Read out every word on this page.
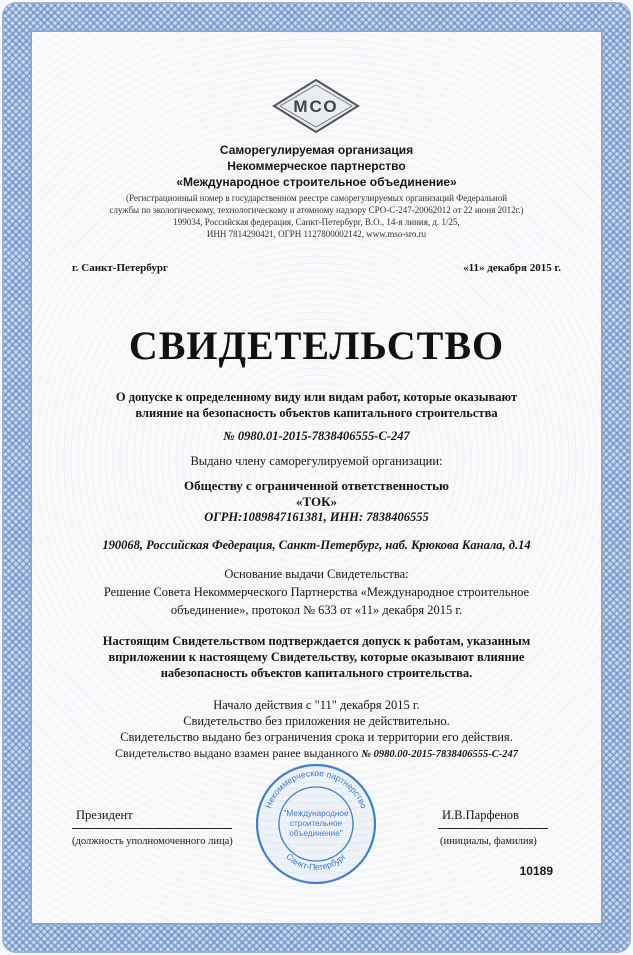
МСО
Саморегулируемая организация
Некоммерческое партнерство
«Международное строительное объединение»
(Регистрационный номер в государственном реестре саморегулируемых организаций Федеральной
службы по экологическому, технологическому и атомному надзору СРО-С-247-20062012 от 22 июня 2012г.)
199034, Российская федерация, Санкт-Петербург, В.О., 14-я линия, д. 1/25,
ИНН 7814290421, ОГРН 1127800002142, www.mso-sro.ru
г. Санкт-Петербург	«11» декабря 2015 г.
СВИДЕТЕЛЬСТВО
О допуске к определенному виду или видам работ, которые оказывают
влияние на безопасность объектов капитального строительства
№ 0980.01-2015-7838406555-С-247
Выдано члену саморегулируемой организации:
Обществу с ограниченной ответственностью
«ТОК»
ОГРН:1089847161381, ИНН: 7838406555
190068, Российская Федерация, Санкт-Петербург, наб. Крюкова Канала, д.14
Основание выдачи Свидетельства:
Решение Совета Некоммерческого Партнерства «Международное строительное
объединение», протокол № 633 от «11» декабря 2015 г.
Настоящим Свидетельством подтверждается допуск к работам, указанным
вприложении к настоящему Свидетельству, которые оказывают влияние
набезопасность объектов капитального строительства.
Начало действия с "11" декабря 2015 г.
Свидетельство без приложения не действительно.
Свидетельство выдано без ограничения срока и территории его действия.
Свидетельство выдано взамен ранее выданного № 0980.00-2015-7838406555-С-247
Президент
(должность уполномоченного лица)
И.В.Парфенов
(инициалы, фамилия)
Некоммерческое партнерство
"Международное
строительное
объединение"
Санкт-Петербург
10189
